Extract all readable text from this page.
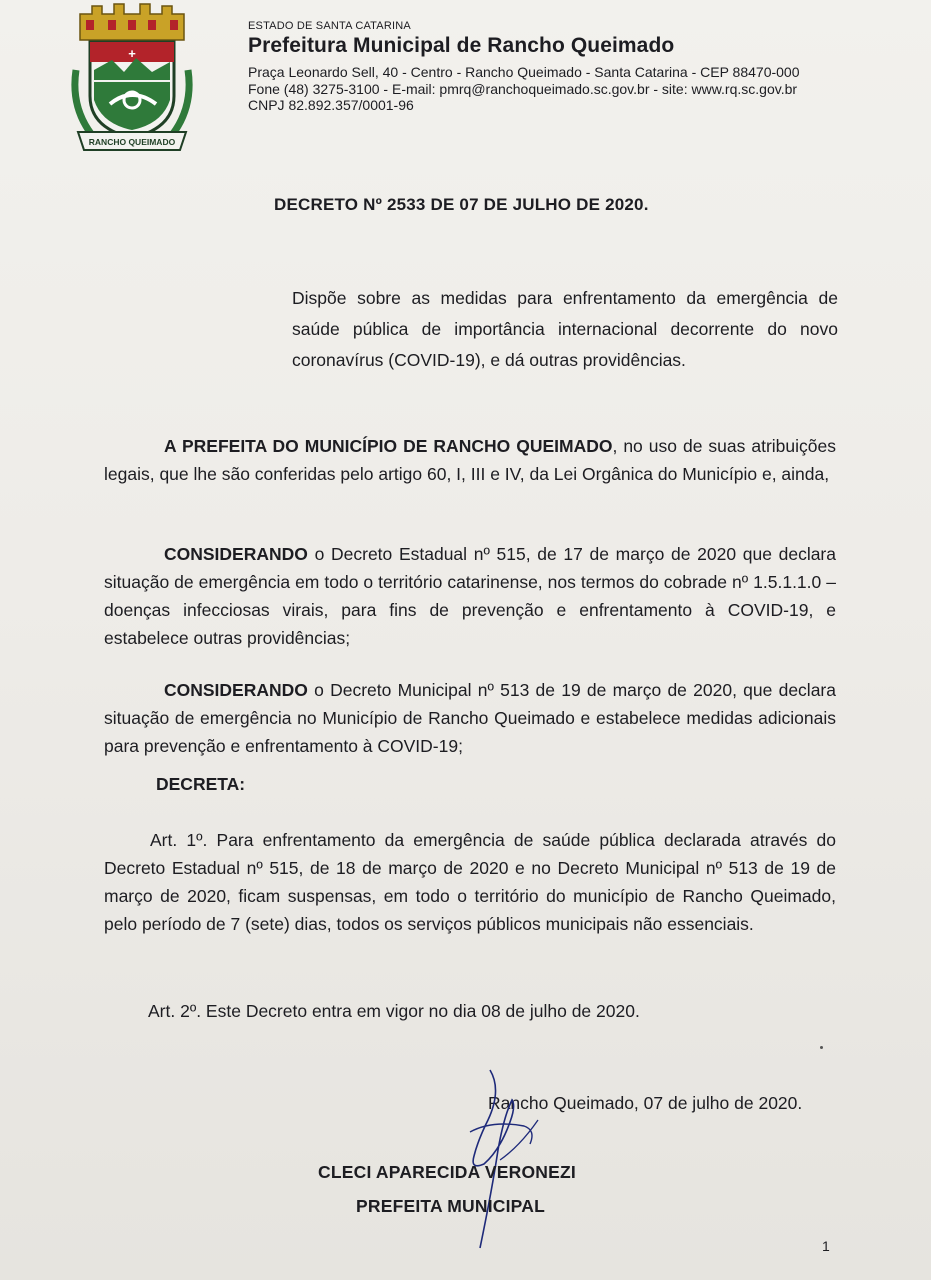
+
RANCHO QUEIMADO

ESTADO DE SANTA CATARINA

Prefeitura Municipal de Rancho Queimado

Praça Leonardo Sell, 40 - Centro - Rancho Queimado - Santa Catarina - CEP 88470-000

Fone (48) 3275-3100 - E-mail: pmrq@ranchoqueimado.sc.gov.br - site: www.rq.sc.gov.br

CNPJ 82.892.357/0001-96

DECRETO Nº 2533 DE 07 DE JULHO DE 2020.

Dispõe sobre as medidas para enfrentamento da emergência de saúde pública de importância internacional decorrente do novo coronavírus (COVID-19), e dá outras providências.

A PREFEITA DO MUNICÍPIO DE RANCHO QUEIMADO, no uso de suas atribuições legais, que lhe são conferidas pelo artigo 60, I, III e IV, da Lei Orgânica do Município e, ainda,

CONSIDERANDO o Decreto Estadual nº 515, de 17 de março de 2020 que declara situação de emergência em todo o território catarinense, nos termos do cobrade nº 1.5.1.1.0 – doenças infecciosas virais, para fins de prevenção e enfrentamento à COVID-19, e estabelece outras providências;

CONSIDERANDO o Decreto Municipal nº 513 de 19 de março de 2020, que declara situação de emergência no Município de Rancho Queimado e estabelece medidas adicionais para prevenção e enfrentamento à COVID-19;

DECRETA:

Art. 1º. Para enfrentamento da emergência de saúde pública declarada através do Decreto Estadual nº 515, de 18 de março de 2020 e no Decreto Municipal nº 513 de 19 de março de 2020, ficam suspensas, em todo o território do município de Rancho Queimado, pelo período de 7 (sete) dias, todos os serviços públicos municipais não essenciais.

Art. 2º. Este Decreto entra em vigor no dia 08 de julho de 2020.

Rancho Queimado, 07 de julho de 2020.

CLECI APARECIDA VERONEZI

PREFEITA MUNICIPAL

1
